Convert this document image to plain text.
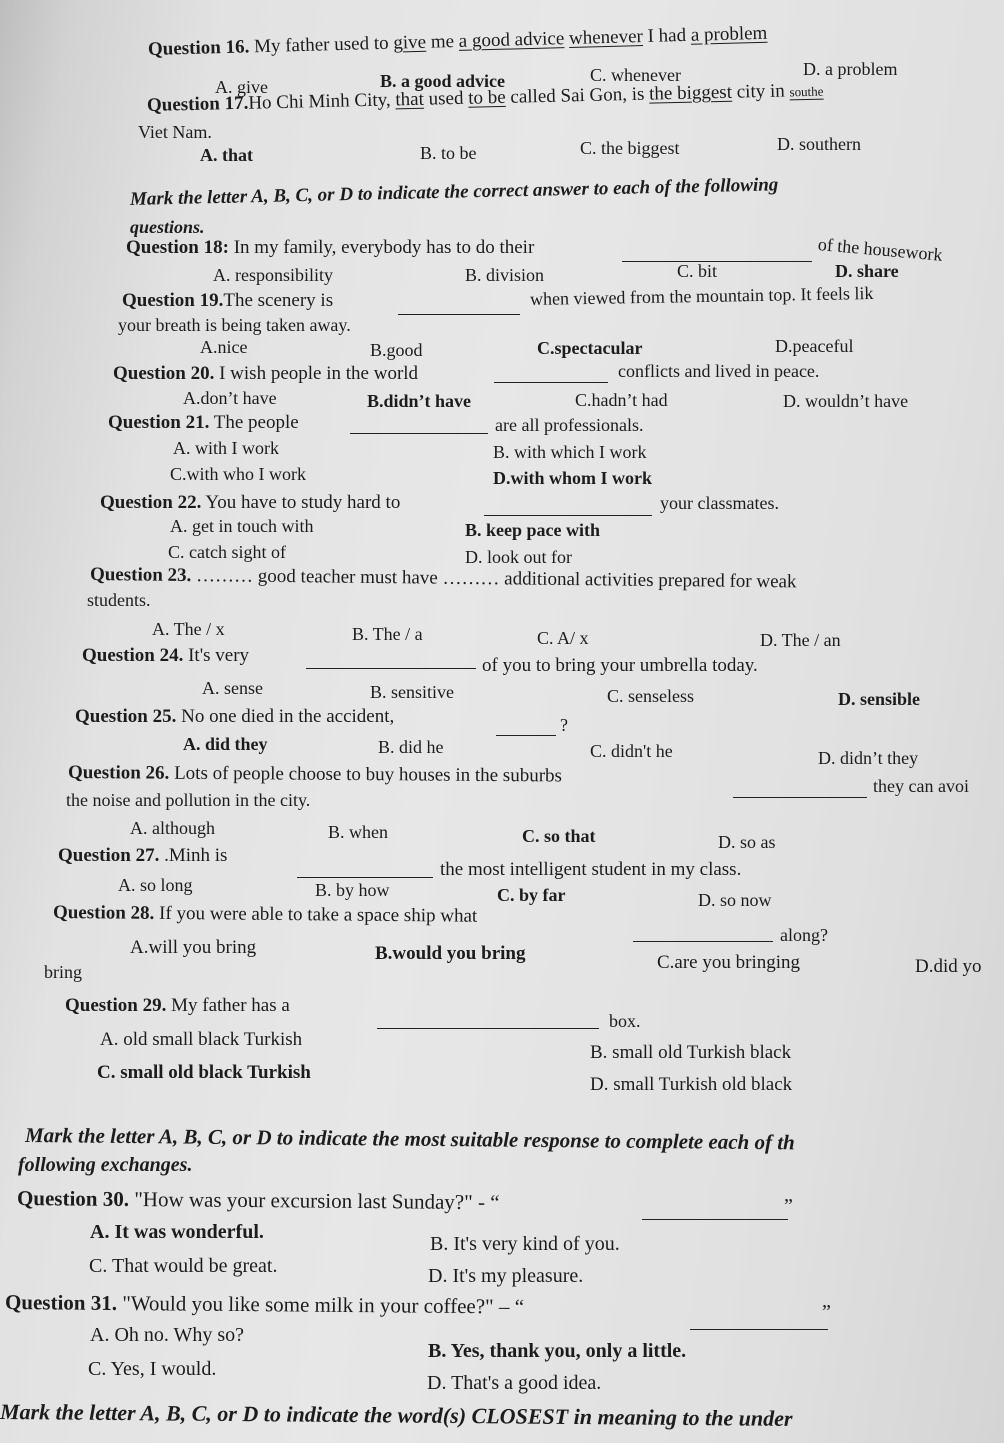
Question 16. My father used to give me a good advice whenever I had a problem
A. give	B. a good advice	C. whenever	D. a problem
Question 17.Ho Chi Minh City, that used to be called Sai Gon, is the biggest city in southe
Viet Nam.
A. that	B. to be	C. the biggest	D. southern
Mark the letter A, B, C, or D to indicate the correct answer to each of the following
questions.
Question 18: In my family, everybody has to do their	of the housework
A. responsibility	B. division	C. bit	D. share
Question 19.The scenery is	when viewed from the mountain top. It feels lik
your breath is being taken away.
A.nice	B.good	C.spectacular	D.peaceful
Question 20. I wish people in the world	conflicts and lived in peace.
A.don’t have	B.didn’t have	C.hadn’t had	D. wouldn’t have
Question 21. The people	are all professionals.
A. with I work	B. with which I work
C.with who I work	D.with whom I work
Question 22. You have to study hard to	your classmates.
A. get in touch with	B. keep pace with
C. catch sight of	D. look out for
Question 23. ……… good teacher must have ……… additional activities prepared for weak
students.
A. The / x	B. The / a	C. A/ x	D. The / an
Question 24. It's very	of you to bring your umbrella today.
A. sense	B. sensitive	C. senseless	D. sensible
Question 25. No one died in the accident,	?
A. did they	B. did he	C. didn't he	D. didn’t they
Question 26. Lots of people choose to buy houses in the suburbs	they can avoi
the noise and pollution in the city.
A. although	B. when	C. so that	D. so as
Question 27. .Minh is
the most intelligent student in my class.
A. so long	B. by how	C. by far	D. so now
Question 28. If you were able to take a space ship what
along?
A.will you bring	B.would you bring	C.are you bringing	D.did yo
bring
Question 29. My father has a
box.
A. old small black Turkish
B. small old Turkish black
C. small old black Turkish
D. small Turkish old black
Mark the letter A, B, C, or D to indicate the most suitable response to complete each of th
following exchanges.
Question 30. "How was your excursion last Sunday?" - “	”
A. It was wonderful.
B. It's very kind of you.
C. That would be great.	D. It's my pleasure.
Question 31. "Would you like some milk in your coffee?" – “	”
A. Oh no. Why so?
B. Yes, thank you, only a little.
C. Yes, I would.
D. That's a good idea.
Mark the letter A, B, C, or D to indicate the word(s) CLOSEST in meaning to the under
